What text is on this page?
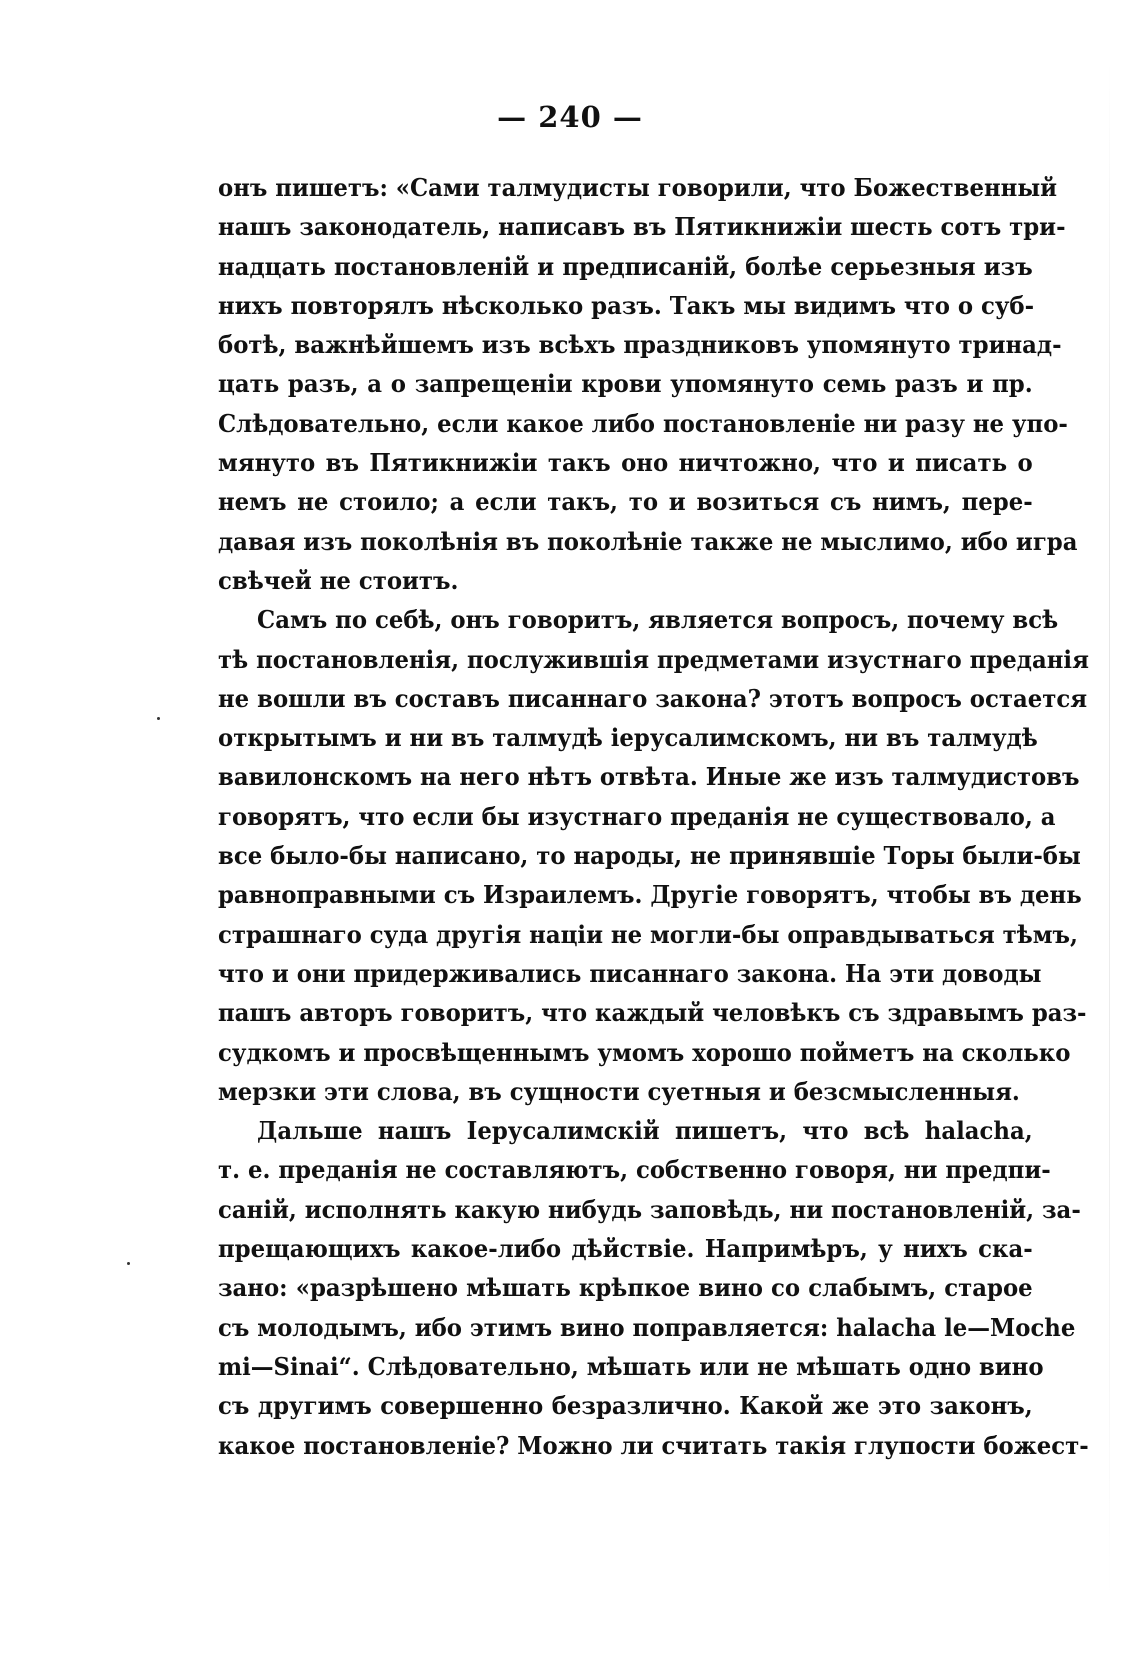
— 240 —
онъ пишетъ: «Сами талмудисты говорили, что Божественный
нашъ законодатель, написавъ въ Пятикнижіи шесть сотъ три-
надцать постановленій и предписаній, болѣе серьезныя изъ
нихъ повторялъ нѣсколько разъ. Такъ мы видимъ что о суб-
ботѣ, важнѣйшемъ изъ всѣхъ праздниковъ упомянуто тринад-
цать разъ, а о запрещеніи крови упомянуто семь разъ и пр.
Слѣдовательно, если какое либо постановленіе ни разу не упо-
мянуто въ Пятикнижіи такъ оно ничтожно, что и писать о
немъ не стоило; а если такъ, то и возиться съ нимъ, пере-
давая изъ поколѣнія въ поколѣніе также не мыслимо, ибо игра
свѣчей не стоитъ.
Самъ по себѣ, онъ говоритъ, является вопросъ, почему всѣ
тѣ постановленія, послужившія предметами изустнаго преданія
не вошли въ составъ писаннаго закона? этотъ вопросъ остается
открытымъ и ни въ талмудѣ іерусалимскомъ, ни въ талмудѣ
вавилонскомъ на него нѣтъ отвѣта. Иные же изъ талмудистовъ
говорятъ, что если бы изустнаго преданія не существовало, а
все было-бы написано, то народы, не принявшіе Торы были-бы
равноправными съ Израилемъ. Другіе говорятъ, чтобы въ день
страшнаго суда другія націи не могли-бы оправдываться тѣмъ,
что и они придерживались писаннаго закона. На эти доводы
пашъ авторъ говоритъ, что каждый человѣкъ съ здравымъ раз-
судкомъ и просвѣщеннымъ умомъ хорошо пойметъ на сколько
мерзки эти слова, въ сущности суетныя и безсмысленныя.
Дальше нашъ Іерусалимскій пишетъ, что всѣ halacha,
т. е. преданія не составляютъ, собственно говоря, ни предпи-
саній, исполнять какую нибудь заповѣдь, ни постановленій, за-
прещающихъ какое-либо дѣйствіе. Напримѣръ, у нихъ ска-
зано: «разрѣшено мѣшать крѣпкое вино со слабымъ, старое
съ молодымъ, ибо этимъ вино поправляется: halacha le—Moche
mi—Sinai“. Слѣдовательно, мѣшать или не мѣшать одно вино
съ другимъ совершенно безразлично. Какой же это законъ,
какое постановленіе? Можно ли считать такія глупости божест-
